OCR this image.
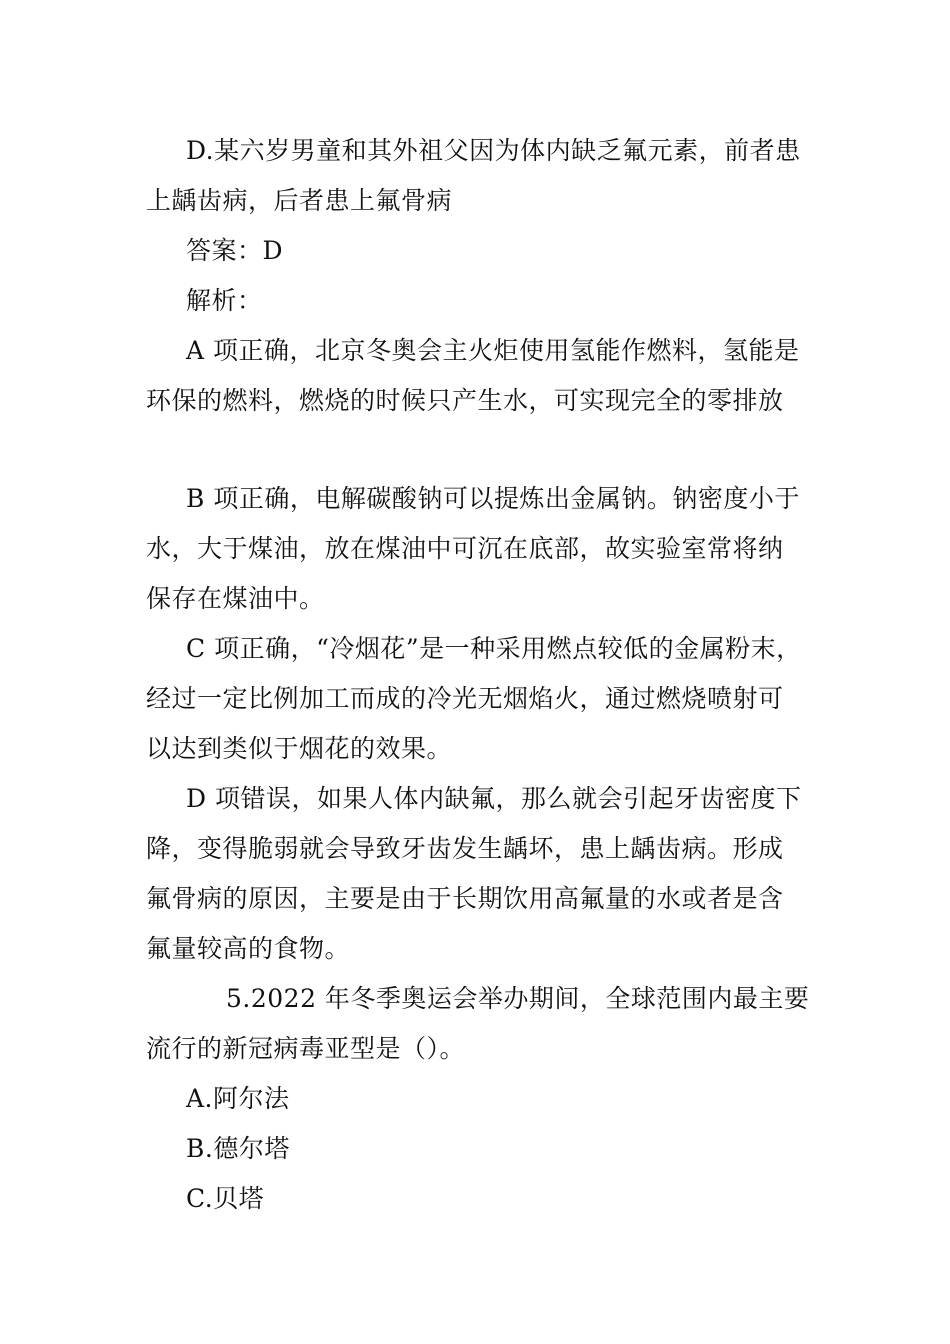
D.某六岁男童和其外祖父因为体内缺乏氟元素，前者患
上龋齿病，后者患上氟骨病
答案：D
解析：
A 项正确，北京冬奥会主火炬使用氢能作燃料，氢能是
环保的燃料，燃烧的时候只产生水，可实现完全的零排放
B 项正确，电解碳酸钠可以提炼出金属钠。钠密度小于
水，大于煤油，放在煤油中可沉在底部，故实验室常将纳
保存在煤油中。
C 项正确，“冷烟花”是一种采用燃点较低的金属粉末，
经过一定比例加工而成的冷光无烟焰火，通过燃烧喷射可
以达到类似于烟花的效果。
D 项错误，如果人体内缺氟，那么就会引起牙齿密度下
降，变得脆弱就会导致牙齿发生龋坏，患上龋齿病。形成
氟骨病的原因，主要是由于长期饮用高氟量的水或者是含
氟量较高的食物。
5.2022 年冬季奥运会举办期间，全球范围内最主要
流行的新冠病毒亚型是（）。
A.阿尔法
B.德尔塔
C.贝塔
